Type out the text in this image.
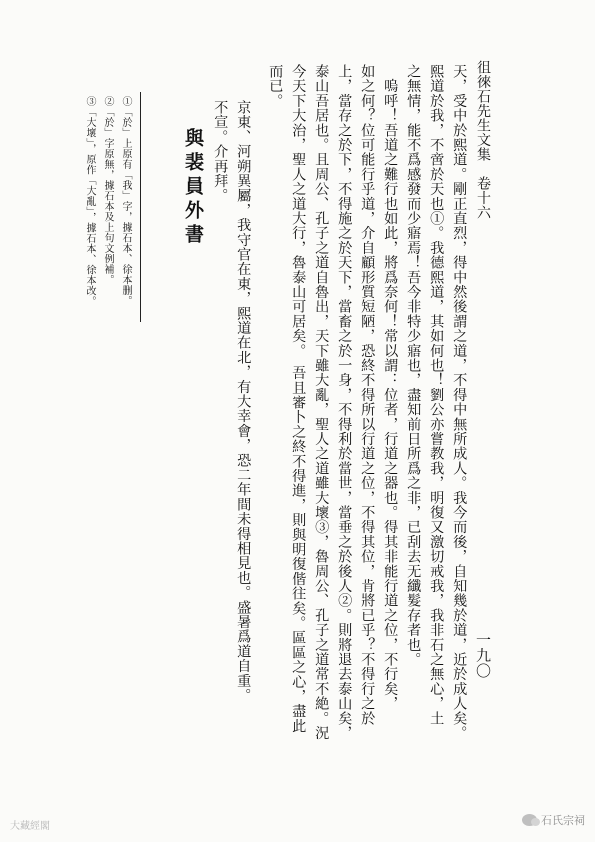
徂徠石先生文集　卷十六
一九〇
天，受中於熙道。剛正直烈，得中然後謂之道，不得中無所成人。我今而後，自知幾於道，近於成人矣。
熙道於我，不啻於天也①。我德熙道，其如何也！劉公亦嘗教我，明復又激切戒我，我非石之無心，土
之無情，能不爲感發而少寤焉！吾今非特少寤也，盡知前日所爲之非，已刮去无纖髮存者也。
　嗚呼！吾道之難行也如此，將爲奈何！常以謂：位者，行道之器也。得其非能行道之位，不行矣，
如之何？位可能行乎道，介自顧形質短陋，恐終不得所以行道之位，不得其位，肯將已乎？不得行之於
上，當存之於下，不得施之於天下，當畜之於一身，不得利於當世，當垂之於後人②。則將退去泰山矣，
泰山吾居也。且周公、孔子之道自魯出，天下雖大亂，聖人之道雖大壞③，魯周公、孔子之道常不絶。況
今天下大治，聖人之道大行，魯泰山可居矣。　吾且審卜之終不得進，則與明復偕往矣。區區之心，盡此
而已。
與裴員外書 京東、河朔異屬，我守官在東，熙道在北，有大幸會，恐二年間未得相見也。盛暑爲道自重。
不宣。介再拜。
①「於」上原有「我」字，據石本、徐本删。
②「於」字原無，據石本及上句文例補。
③「大壞」，原作「大亂」，據石本、徐本改。
石氏宗祠
大藏經閣
